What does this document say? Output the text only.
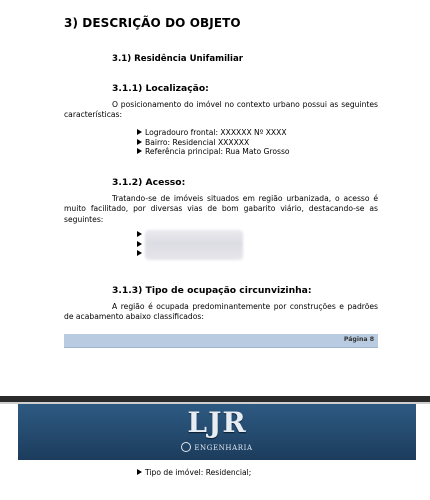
3) DESCRIÇÃO DO OBJETO
3.1) Residência Unifamiliar
3.1.1) Localização:

O posicionamento do imóvel no contexto urbano possui as seguintes características:

Logradouro frontal: XXXXXX Nº XXXX
Bairro: Residencial XXXXXX
Referência principal: Rua Mato Grosso
3.1.2) Acesso:

Tratando-se de imóveis situados em região urbanizada, o acesso é muito facilitado, por diversas vias de bom gabarito viário, destacando-se as seguintes:

3.1.3) Tipo de ocupação circunvizinha:

A região é ocupada predominantemente por construções e padrões de acabamento abaixo classificados:

Página 8
LJR
ENGENHARIA
Tipo de imóvel: Residencial;
